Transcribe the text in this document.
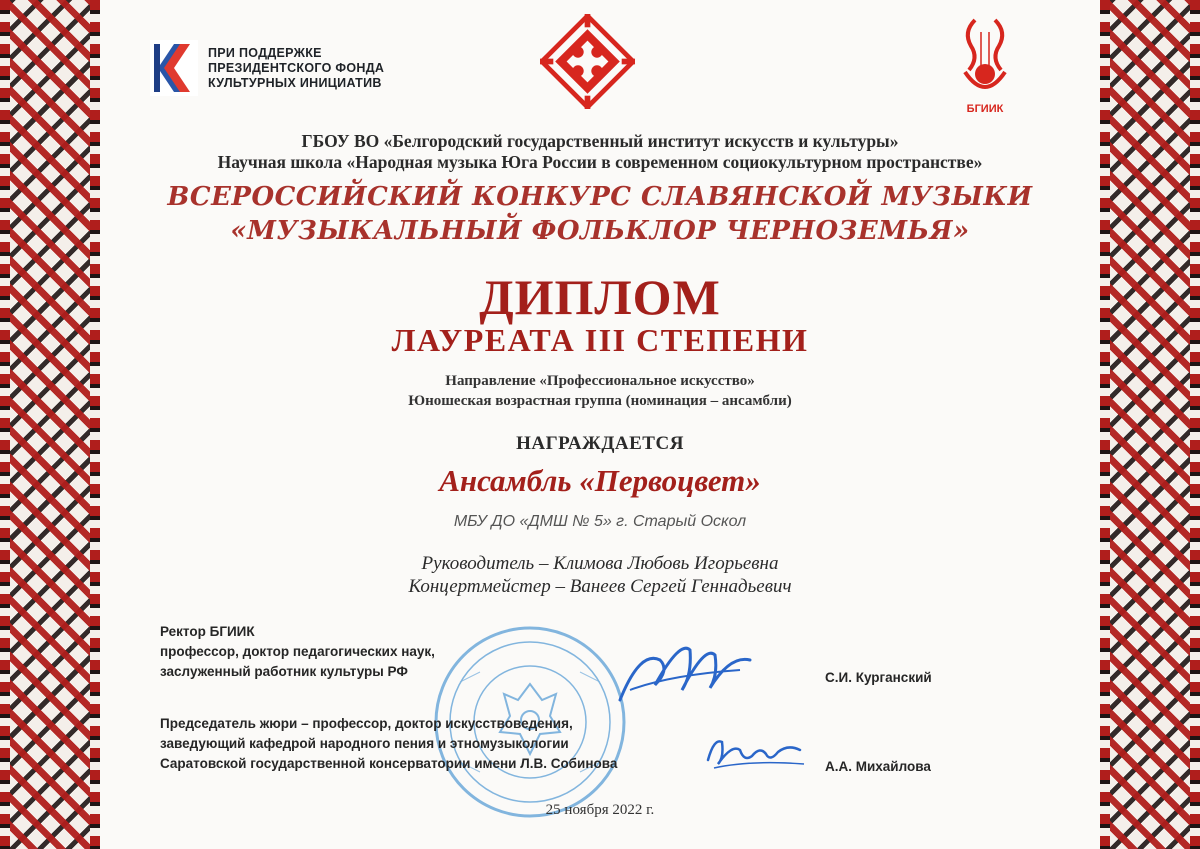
ПРИ ПОДДЕРЖКЕ
ПРЕЗИДЕНТСКОГО ФОНДА
КУЛЬТУРНЫХ ИНИЦИАТИВ
БГИИК
ГБОУ ВО «Белгородский государственный институт искусств и культуры»
Научная школа «Народная музыка Юга России в современном социокультурном пространстве»
ВСЕРОССИЙСКИЙ КОНКУРС СЛАВЯНСКОЙ МУЗЫКИ
«МУЗЫКАЛЬНЫЙ ФОЛЬКЛОР ЧЕРНОЗЕМЬЯ»
ДИПЛОМ
ЛАУРЕАТА III СТЕПЕНИ
Направление «Профессиональное искусство»
Юношеская возрастная группа (номинация – ансамбли)
НАГРАЖДАЕТСЯ
Ансамбль «Первоцвет»
МБУ ДО «ДМШ № 5» г. Старый Оскол
Руководитель – Климова Любовь Игорьевна
Концертмейстер – Ванеев Сергей Геннадьевич
Ректор БГИИК
профессор, доктор педагогических наук,
заслуженный работник культуры РФ	С.И. Курганский
Председатель жюри – профессор, доктор искусствоведения,
заведующий кафедрой народного пения и этномузыкологии
Саратовской государственной консерватории имени Л.В. Собинова	А.А. Михайлова
25 ноября 2022 г.
